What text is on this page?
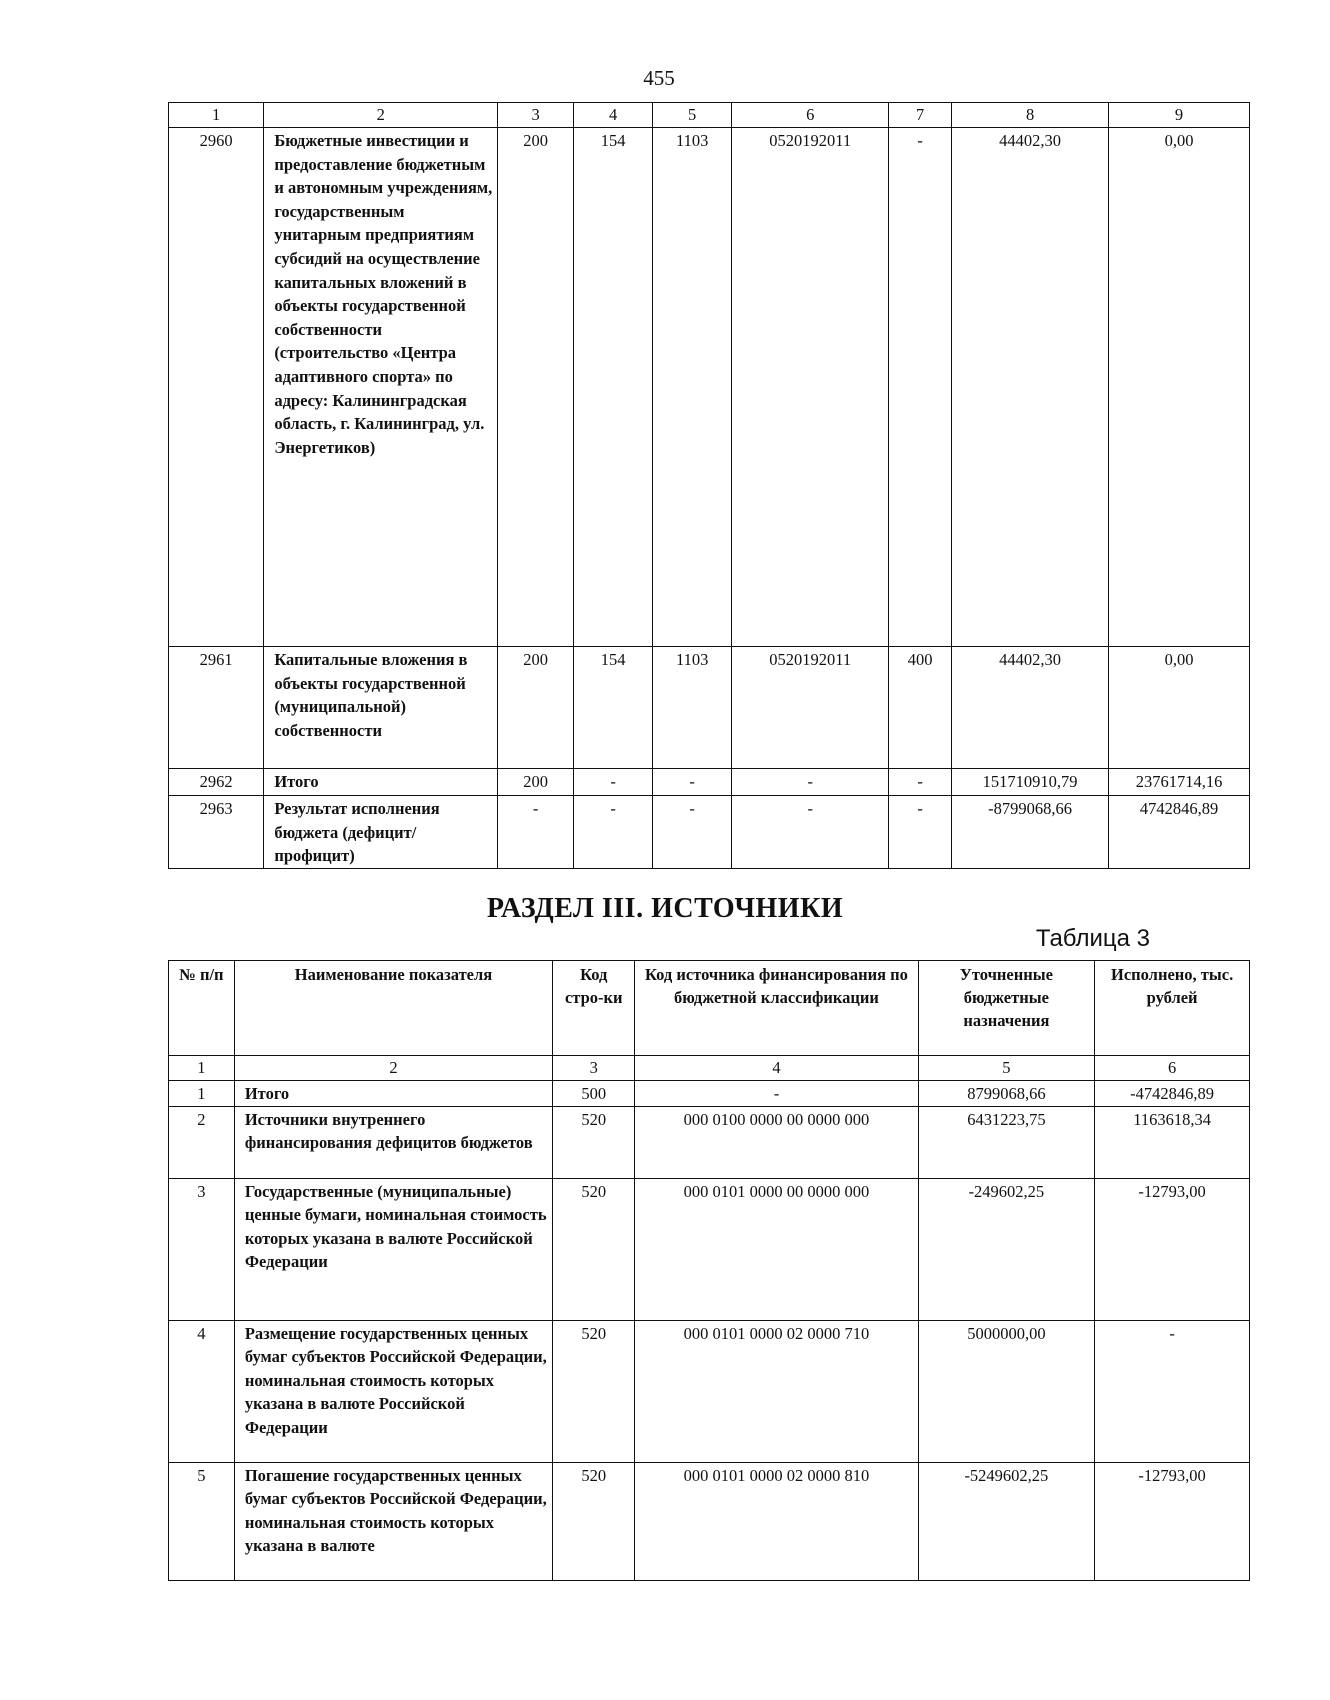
455
1	2	3	4	5	6	7	8	9
2960	Бюджетные инвестиции и предоставление бюджетным и автономным учреждениям, государственным унитарным предприятиям субсидий на осуществление капитальных вложений в объекты государственной собственности (строительство «Центра адаптивного спорта» по адресу: Калининградская область, г. Калининград, ул. Энергетиков)	200	154	1103	0520192011	-	44402,30	0,00
2961	Капитальные вложения в объекты государственной (муниципальной) собственности	200	154	1103	0520192011	400	44402,30	0,00
2962	Итого	200	-	-	-	-	151710910,79	23761714,16
2963	Результат исполнения бюджета (дефицит/профицит)	-	-	-	-	-	-8799068,66	4742846,89
РАЗДЕЛ III. ИСТОЧНИКИ
Таблица 3
№ п/п	Наименование показателя	Код стро-ки	Код источника финансирования по бюджетной классификации	Уточненные бюджетные назначения	Исполнено, тыс. рублей
1	2	3	4	5	6
1	Итого	500	-	8799068,66	-4742846,89
2	Источники внутреннего финансирования дефицитов бюджетов	520	000 0100 0000 00 0000 000	6431223,75	1163618,34
3	Государственные (муниципальные) ценные бумаги, номинальная стоимость которых указана в валюте Российской Федерации	520	000 0101 0000 00 0000 000	-249602,25	-12793,00
4	Размещение государственных ценных бумаг субъектов Российской Федерации, номинальная стоимость которых указана в валюте Российской Федерации	520	000 0101 0000 02 0000 710	5000000,00	-
5	Погашение государственных ценных бумаг субъектов Российской Федерации, номинальная стоимость которых указана в валюте	520	000 0101 0000 02 0000 810	-5249602,25	-12793,00
